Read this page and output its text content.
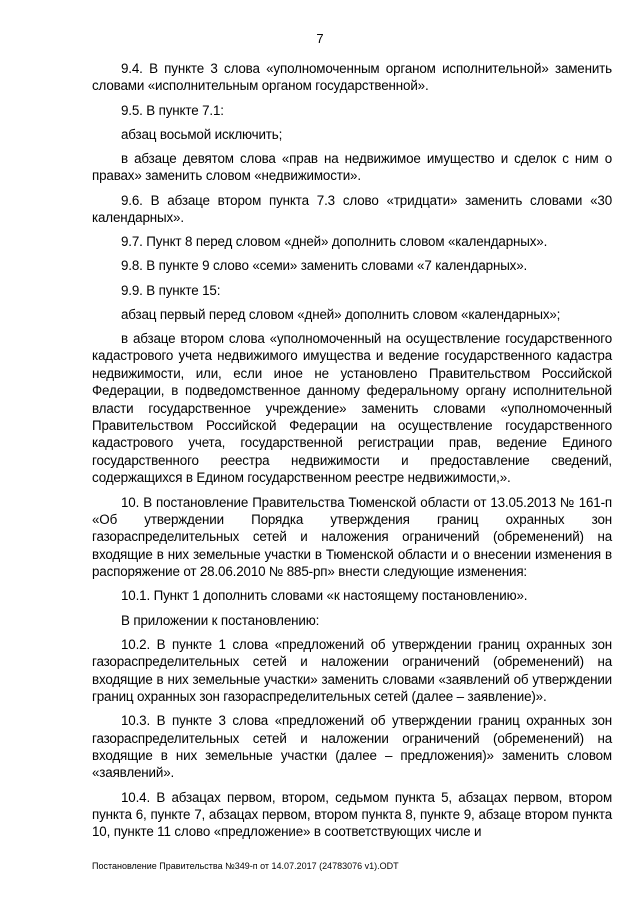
7

9.4. В пункте 3 слова «уполномоченным органом исполнительной» заменить словами «исполнительным органом государственной».

9.5. В пункте 7.1:

абзац восьмой исключить;

в абзаце девятом слова «прав на недвижимое имущество и сделок с ним о правах» заменить словом «недвижимости».

9.6. В абзаце втором пункта 7.3 слово «тридцати» заменить словами «30 календарных».

9.7. Пункт 8 перед словом «дней» дополнить словом «календарных».

9.8. В пункте 9 слово «семи» заменить словами «7 календарных».

9.9. В пункте 15:

абзац первый перед словом «дней» дополнить словом «календарных»;

в абзаце втором слова «уполномоченный на осуществление государственного кадастрового учета недвижимого имущества и ведение государственного кадастра недвижимости, или, если иное не установлено Правительством Российской Федерации, в подведомственное данному федеральному органу исполнительной власти государственное учреждение» заменить словами «уполномоченный Правительством Российской Федерации на осуществление государственного кадастрового учета, государственной регистрации прав, ведение Единого государственного реестра недвижимости и предоставление сведений, содержащихся в Едином государственном реестре недвижимости,».

10. В постановление Правительства Тюменской области от 13.05.2013 № 161-п «Об утверждении Порядка утверждения границ охранных зон газораспределительных сетей и наложения ограничений (обременений) на входящие в них земельные участки в Тюменской области и о внесении изменения в распоряжение от 28.06.2010 № 885-рп» внести следующие изменения:

10.1. Пункт 1 дополнить словами «к настоящему постановлению».

В приложении к постановлению:

10.2. В пункте 1 слова «предложений об утверждении границ охранных зон газораспределительных сетей и наложении ограничений (обременений) на входящие в них земельные участки» заменить словами «заявлений об утверждении границ охранных зон газораспределительных сетей (далее – заявление)».

10.3. В пункте 3 слова «предложений об утверждении границ охранных зон газораспределительных сетей и наложении ограничений (обременений) на входящие в них земельные участки (далее – предложения)» заменить словом «заявлений».

10.4. В абзацах первом, втором, седьмом пункта 5, абзацах первом, втором пункта 6, пункте 7, абзацах первом, втором пункта 8, пункте 9, абзаце втором пункта 10, пункте 11 слово «предложение» в соответствующих числе и

Постановление Правительства №349-п от 14.07.2017 (24783076 v1).ODT
